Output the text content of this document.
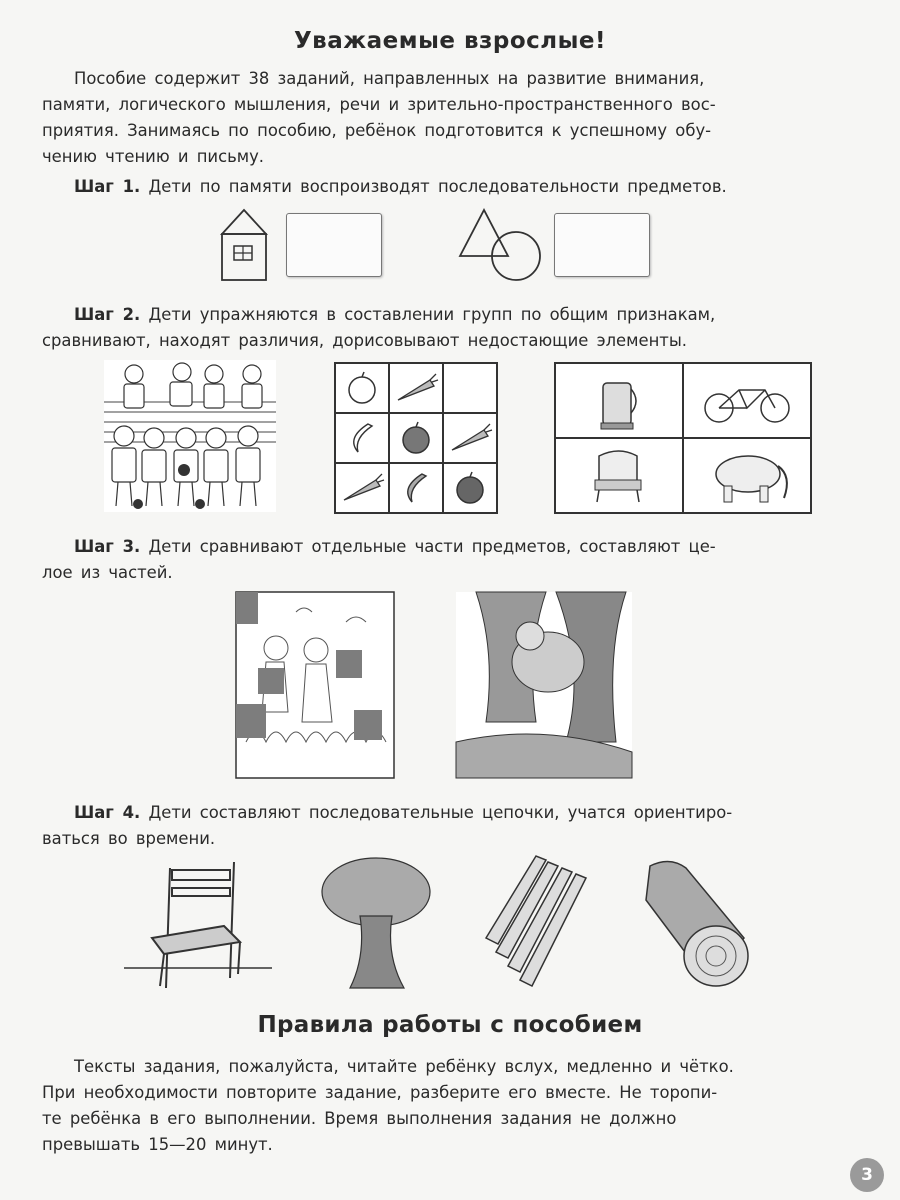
Уважаемые взрослые!
Пособие содержит 38 заданий, направленных на развитие внимания,
памяти, логического мышления, речи и зрительно-пространственного вос-
приятия. Занимаясь по пособию, ребёнок подготовится к успешному обу-
чению чтению и письму.
Шаг 1. Дети по памяти воспроизводят последовательности предметов.
Шаг 2. Дети упражняются в составлении групп по общим признакам,
сравнивают, находят различия, дорисовывают недостающие элементы.
Шаг 3. Дети сравнивают отдельные части предметов, составляют це-
лое из частей.
Шаг 4. Дети составляют последовательные цепочки, учатся ориентиро-
ваться во времени.
Правила работы с пособием
Тексты задания, пожалуйста, читайте ребёнку вслух, медленно и чётко.
При необходимости повторите задание, разберите его вместе. Не торопи-
те ребёнка в его выполнении. Время выполнения задания не должно
превышать 15—20 минут.
3
